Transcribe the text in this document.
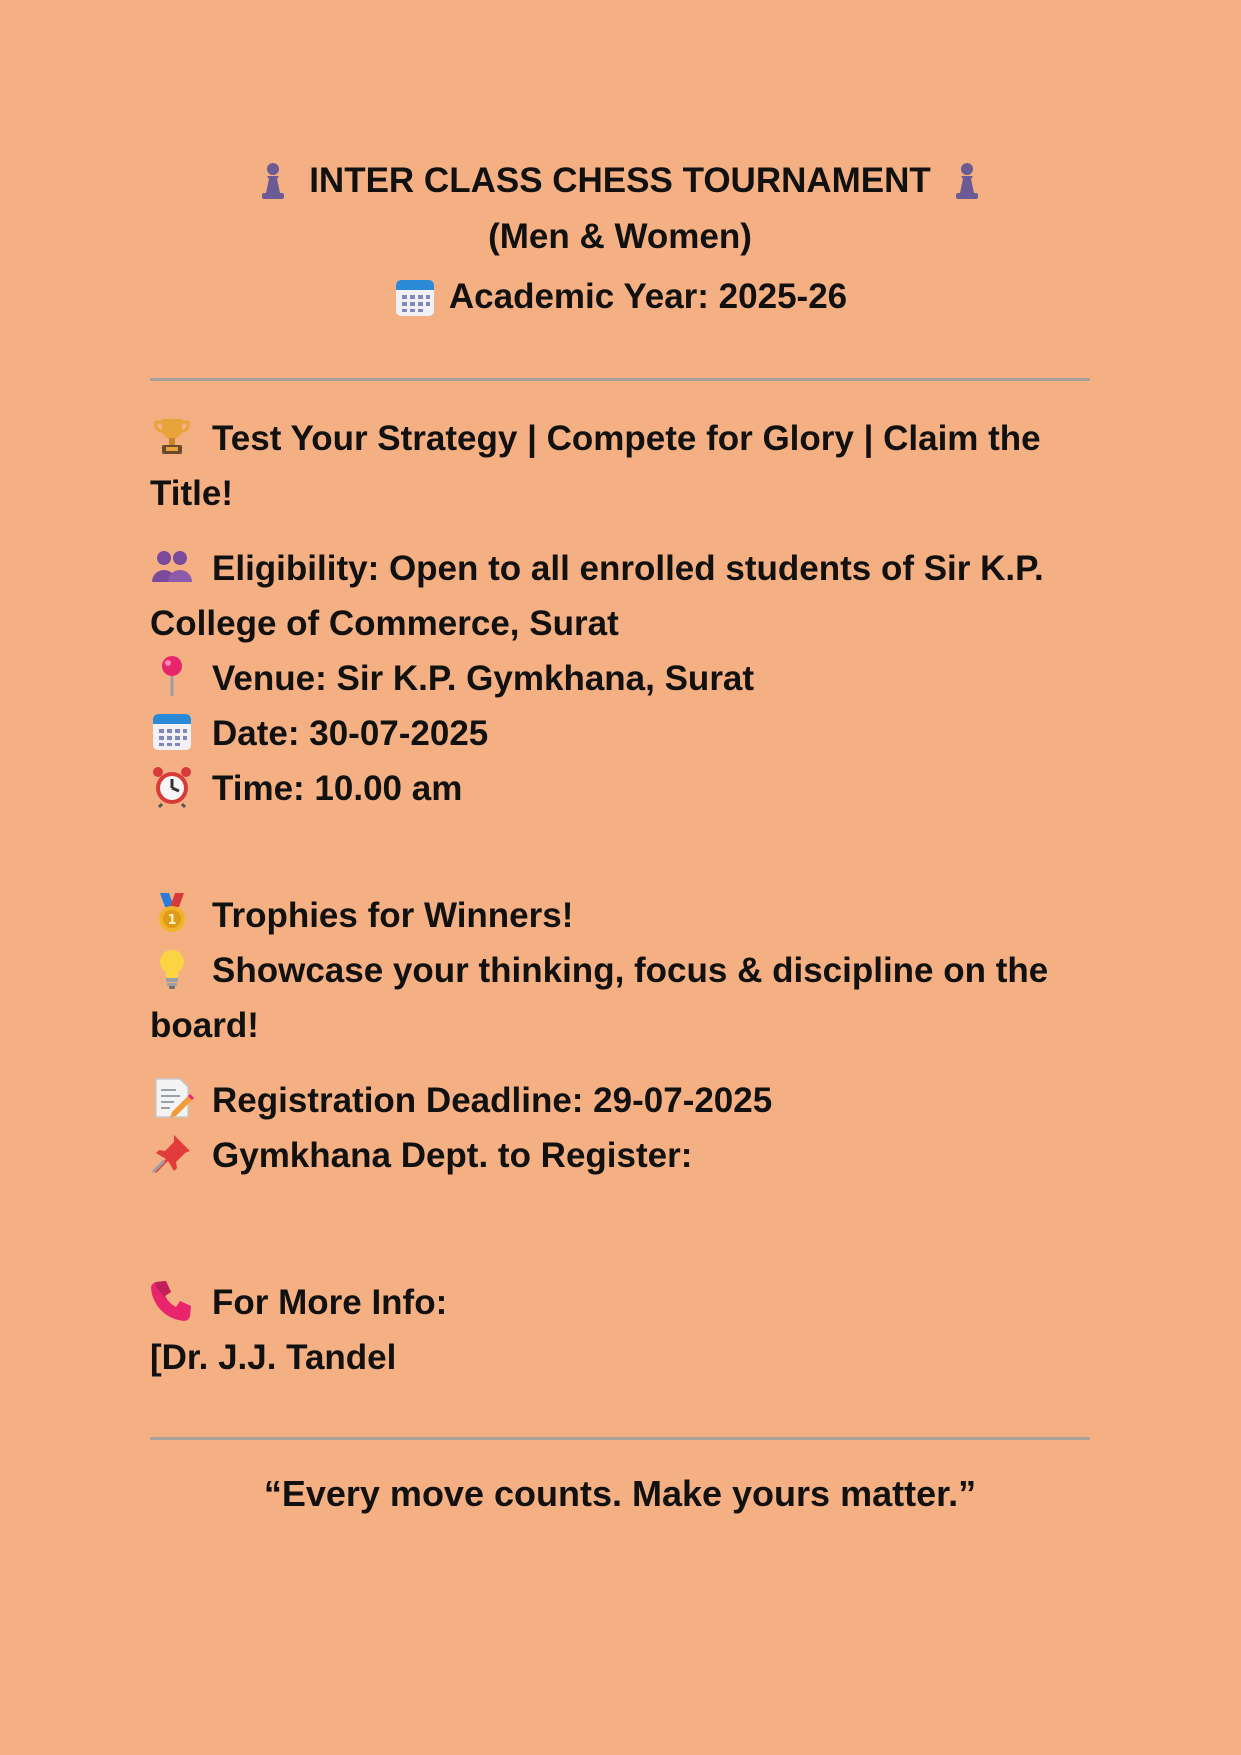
INTER CLASS CHESS TOURNAMENT
(Men & Women)
Academic Year: 2025-26
Test Your Strategy | Compete for Glory | Claim the Title!
Eligibility: Open to all enrolled students of Sir K.P. College of Commerce, Surat
Venue: Sir K.P. Gymkhana, Surat
Date: 30-07-2025
Time: 10.00 am
1 Trophies for Winners!
Showcase your thinking, focus & discipline on the board!
Registration Deadline: 29-07-2025
Gymkhana Dept. to Register:
For More Info:
[Dr. J.J. Tandel
“Every move counts. Make yours matter.”
